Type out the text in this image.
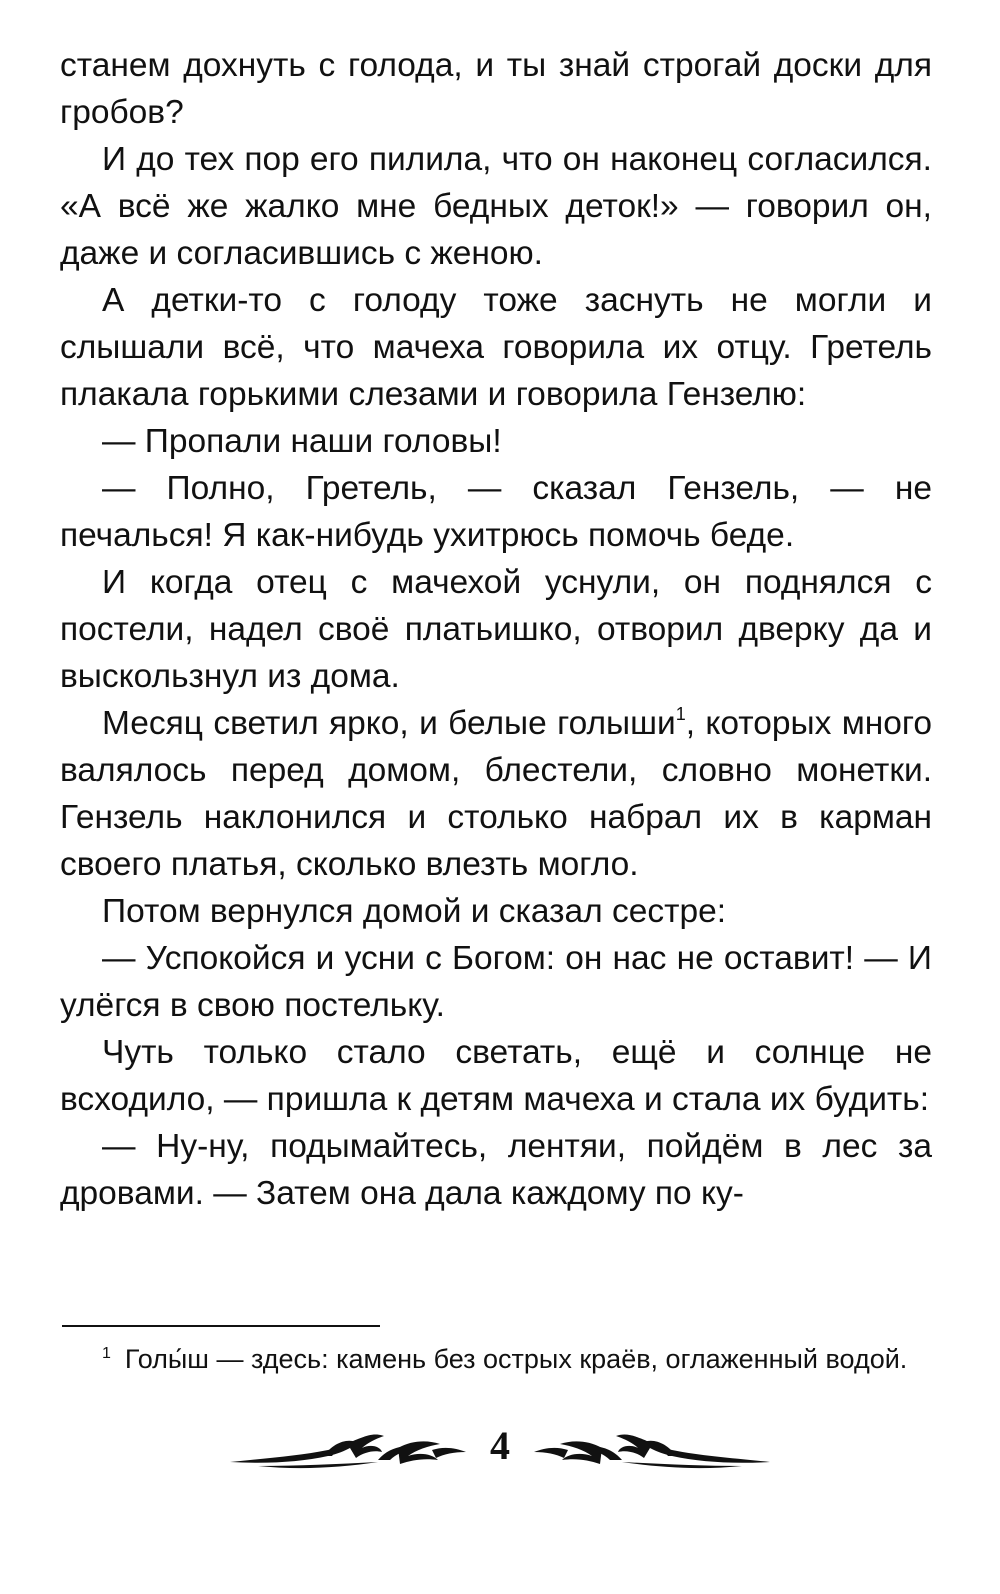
станем дохнуть с голода, и ты знай строгай доски для гробов?

И до тех пор его пилила, что он наконец согласился. «А всё же жалко мне бедных деток!» — говорил он, даже и согласившись с женою.

А детки-то с голоду тоже заснуть не могли и слышали всё, что мачеха говорила их отцу. Гретель плакала горькими слезами и говорила Гензелю:

— Пропали наши головы!

— Полно, Гретель, — сказал Гензель, — не печалься! Я как-нибудь ухитрюсь помочь беде.

И когда отец с мачехой уснули, он поднялся с постели, надел своё платьишко, отворил дверку да и выскользнул из дома.

Месяц светил ярко, и белые голыши$^1$, которых много валялось перед домом, блестели, словно монетки. Гензель наклонился и столько набрал их в карман своего платья, сколько влезть могло.

Потом вернулся домой и сказал сестре:

— Успокойся и усни с Богом: он нас не оставит! — И улёгся в свою постельку.

Чуть только стало светать, ещё и солнце не всходило, — пришла к детям мачеха и стала их будить:

— Ну-ну, подымайтесь, лентяи, пойдём в лес за дровами. — Затем она дала каждому по ку-

$^1$ Голы́ш — здесь: камень без острых краёв, оглаженный водой.
4
